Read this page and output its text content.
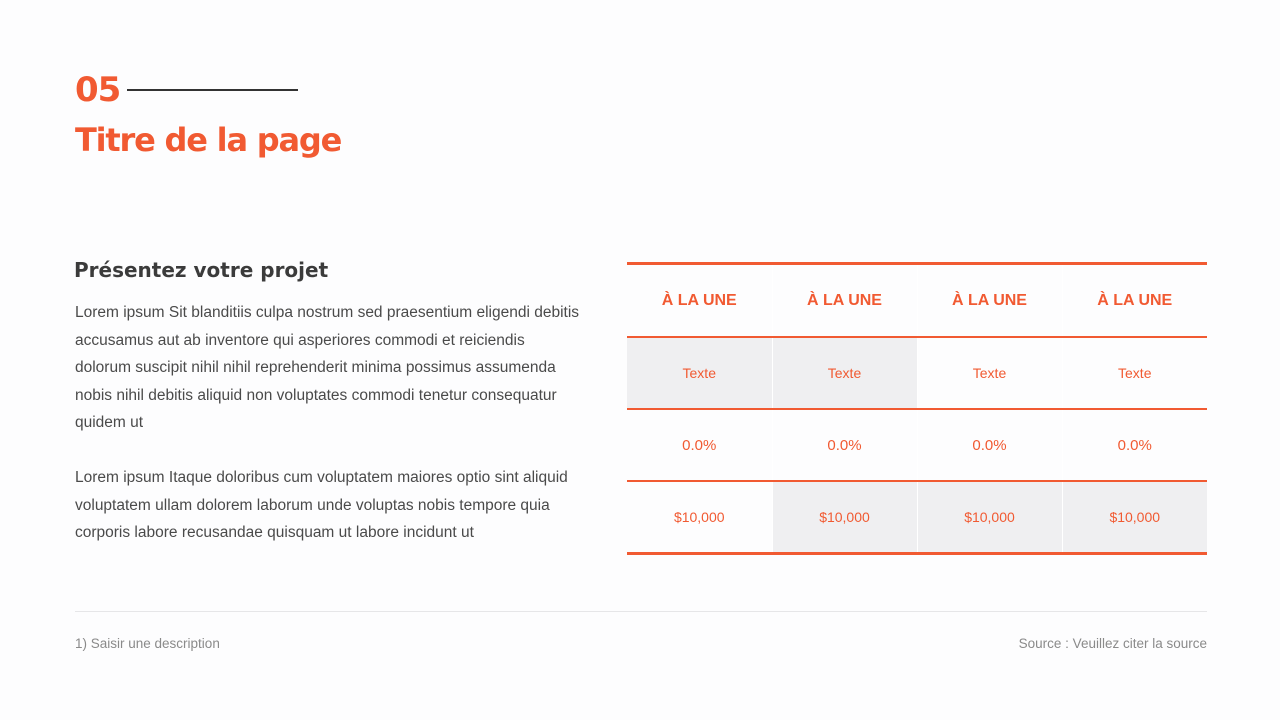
05
Titre de la page
Présentez votre projet

Lorem ipsum Sit blanditiis culpa nostrum sed praesentium eligendi debitis accusamus aut ab inventore qui asperiores commodi et reiciendis dolorum suscipit nihil nihil reprehenderit minima possimus assumenda nobis nihil debitis aliquid non voluptates commodi tenetur consequatur quidem ut

Lorem ipsum Itaque doloribus cum voluptatem maiores optio sint aliquid voluptatem ullam dolorem laborum unde voluptas nobis tempore quia corporis labore recusandae quisquam ut labore incidunt ut

À LA UNE	À LA UNE	À LA UNE	À LA UNE
Texte	Texte	Texte	Texte
0.0%	0.0%	0.0%	0.0%
$10,000	$10,000	$10,000	$10,000
1) Saisir une description	Source : Veuillez citer la source
